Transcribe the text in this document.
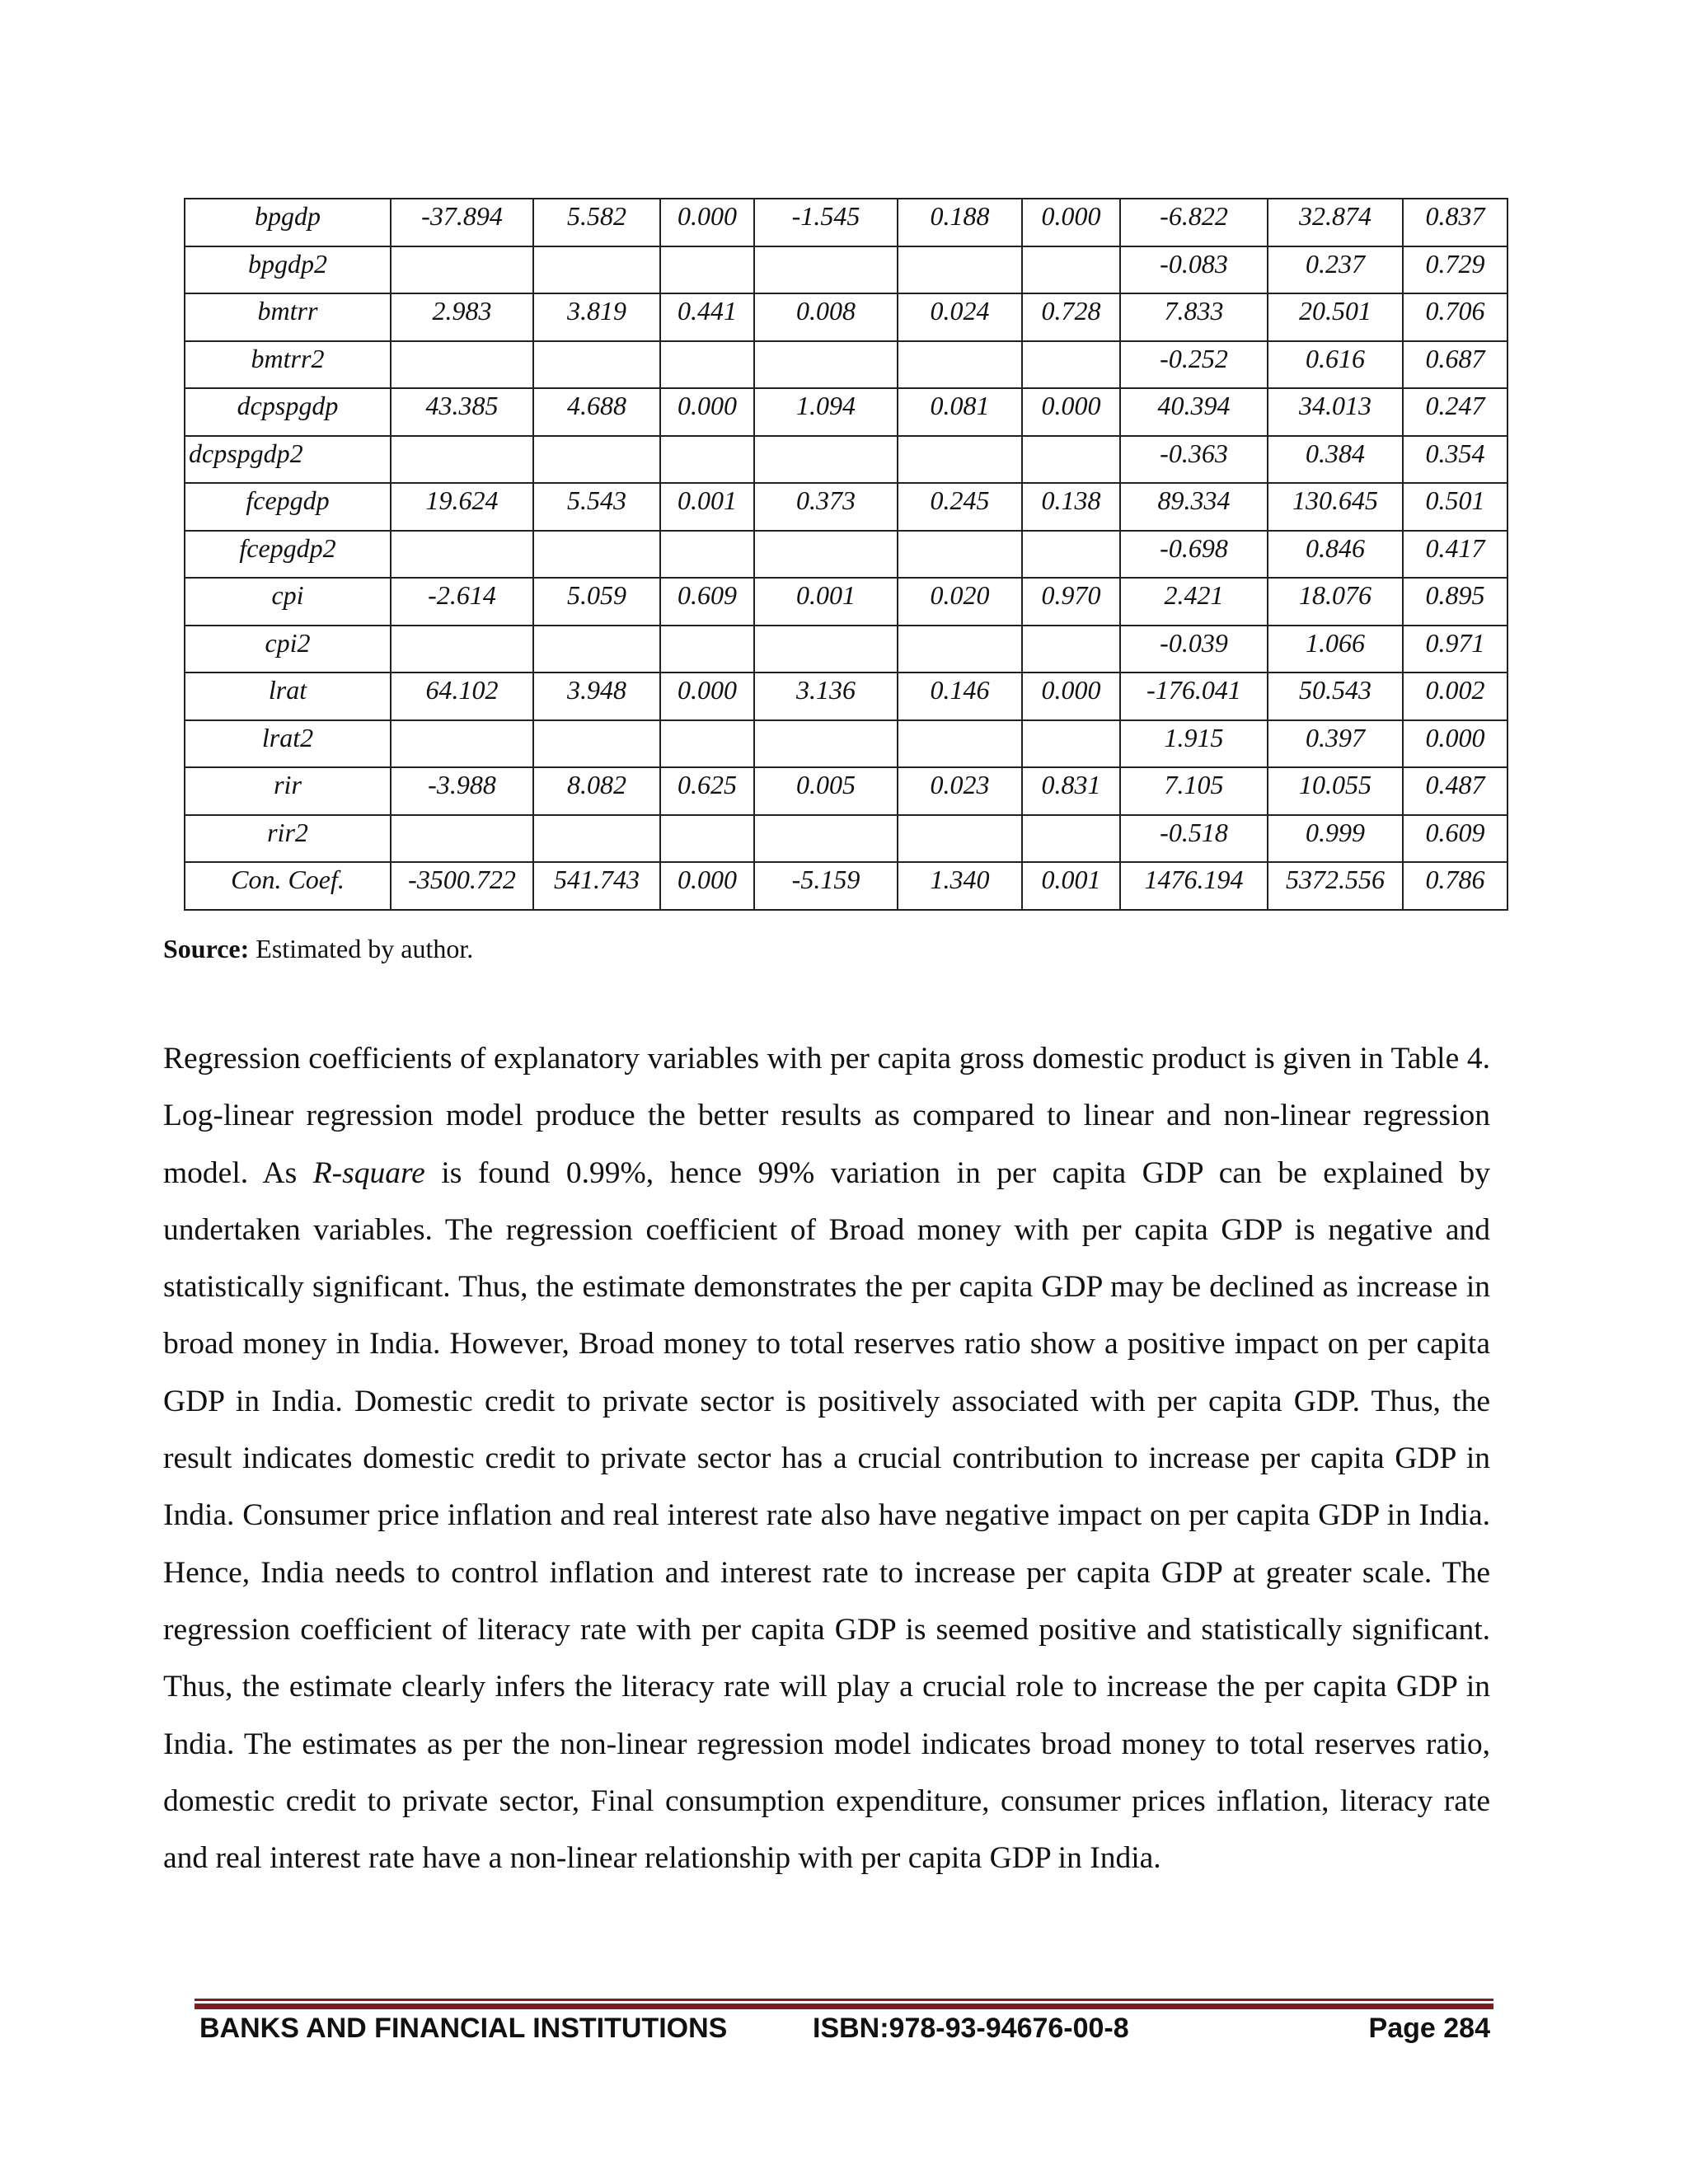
bpgdp	-37.894	5.582	0.000	-1.545	0.188	0.000	-6.822	32.874	0.837
bpgdp2							-0.083	0.237	0.729
bmtrr	2.983	3.819	0.441	0.008	0.024	0.728	7.833	20.501	0.706
bmtrr2							-0.252	0.616	0.687
dcpspgdp	43.385	4.688	0.000	1.094	0.081	0.000	40.394	34.013	0.247
dcpspgdp2							-0.363	0.384	0.354
fcepgdp	19.624	5.543	0.001	0.373	0.245	0.138	89.334	130.645	0.501
fcepgdp2							-0.698	0.846	0.417
cpi	-2.614	5.059	0.609	0.001	0.020	0.970	2.421	18.076	0.895
cpi2							-0.039	1.066	0.971
lrat	64.102	3.948	0.000	3.136	0.146	0.000	-176.041	50.543	0.002
lrat2							1.915	0.397	0.000
rir	-3.988	8.082	0.625	0.005	0.023	0.831	7.105	10.055	0.487
rir2							-0.518	0.999	0.609
Con. Coef.	-3500.722	541.743	0.000	-5.159	1.340	0.001	1476.194	5372.556	0.786
Source: Estimated by author.
Regression coefficients of explanatory variables with per capita gross domestic product is given in Table 4. Log-linear regression model produce the better results as compared to linear and non-linear regression model. As R-square is found 0.99%, hence 99% variation in per capita GDP can be explained by undertaken variables. The regression coefficient of Broad money with per capita GDP is negative and statistically significant. Thus, the estimate demonstrates the per capita GDP may be declined as increase in broad money in India. However, Broad money to total reserves ratio show a positive impact on per capita GDP in India. Domestic credit to private sector is positively associated with per capita GDP. Thus, the result indicates domestic credit to private sector has a crucial contribution to increase per capita GDP in India. Consumer price inflation and real interest rate also have negative impact on per capita GDP in India. Hence, India needs to control inflation and interest rate to increase per capita GDP at greater scale. The regression coefficient of literacy rate with per capita GDP is seemed positive and statistically significant. Thus, the estimate clearly infers the literacy rate will play a crucial role to increase the per capita GDP in India. The estimates as per the non-linear regression model indicates broad money to total reserves ratio, domestic credit to private sector, Final consumption expenditure, consumer prices inflation, literacy rate and real interest rate have a non-linear relationship with per capita GDP in India.
BANKS AND FINANCIAL INSTITUTIONS	ISBN:978-93-94676-00-8	Page 284
